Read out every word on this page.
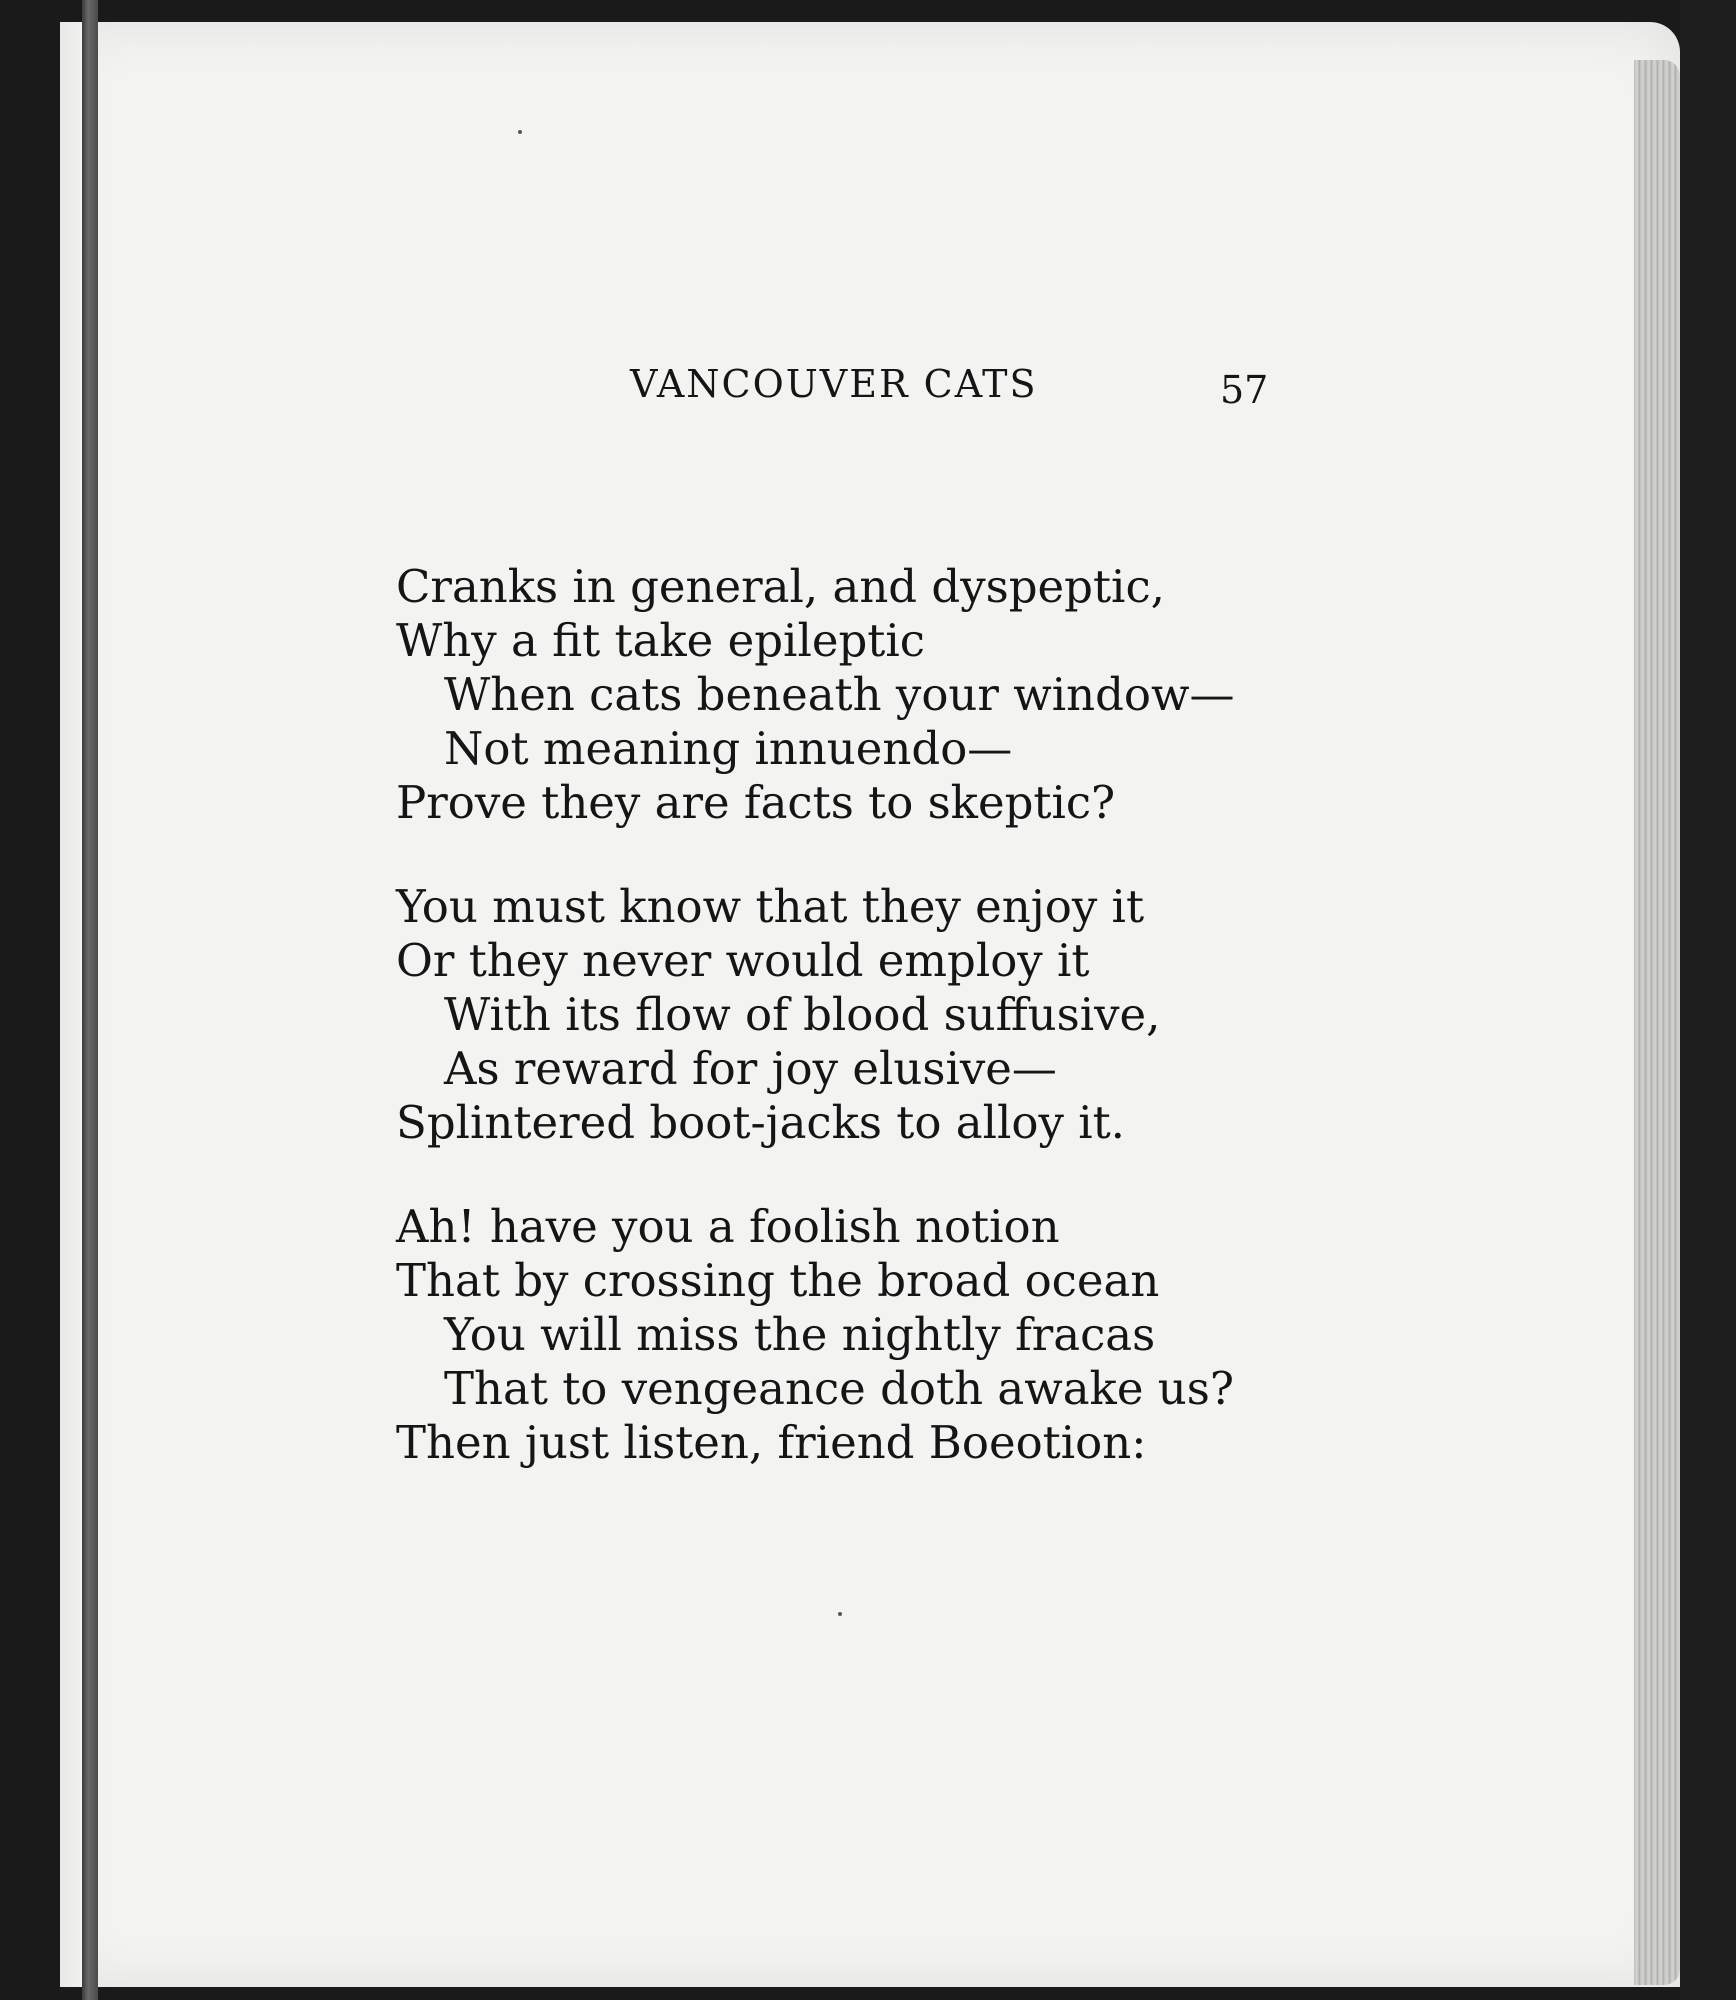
VANCOUVER CATS	57
Cranks in general, and dyspeptic,
Why a fit take epileptic
When cats beneath your window—
Not meaning innuendo—
Prove they are facts to skeptic?
You must know that they enjoy it
Or they never would employ it
With its flow of blood suffusive,
As reward for joy elusive—
Splintered boot-jacks to alloy it.
Ah! have you a foolish notion
That by crossing the broad ocean
You will miss the nightly fracas
That to vengeance doth awake us?
Then just listen, friend Boeotion:
